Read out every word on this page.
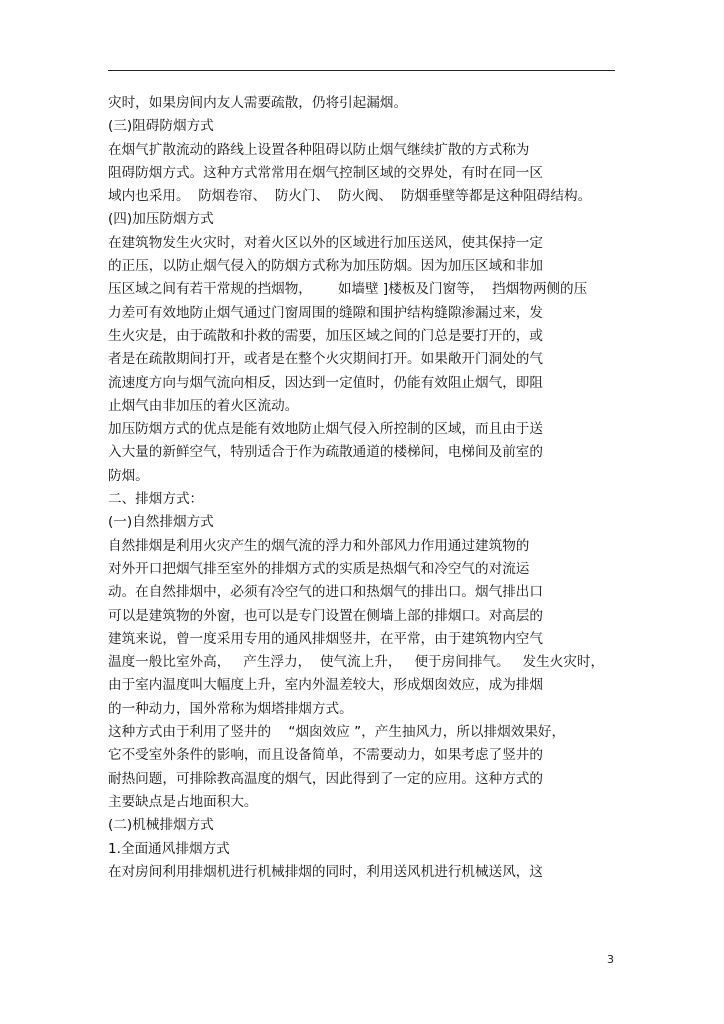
灾时，如果房间内友人需要疏散，仍将引起漏烟。
(三)阻碍防烟方式
在烟气扩散流动的路线上设置各种阻碍以防止烟气继续扩散的方式称为
阻碍防烟方式。这种方式常常用在烟气控制区域的交界处，有时在同一区
域内也采用。  防烟卷帘、  防火门、  防火阀、  防烟垂壁等都是这种阻碍结构。
(四)加压防烟方式
在建筑物发生火灾时，对着火区以外的区域进行加压送风，使其保持一定
的正压，以防止烟气侵入的防烟方式称为加压防烟。因为加压区域和非加
压区域之间有若干常规的挡烟物，      如墙壁 ]楼板及门窗等，  挡烟物两侧的压
力差可有效地防止烟气通过门窗周围的缝隙和围护结构缝隙渗漏过来，发
生火灾是，由于疏散和扑救的需要，加压区域之间的门总是要打开的，或
者是在疏散期间打开，或者是在整个火灾期间打开。如果敞开门洞处的气
流速度方向与烟气流向相反，因达到一定值时，仍能有效阻止烟气，即阻
止烟气由非加压的着火区流动。
加压防烟方式的优点是能有效地防止烟气侵入所控制的区域，而且由于送
入大量的新鲜空气，特别适合于作为疏散通道的楼梯间，电梯间及前室的
防烟。
二、排烟方式：
(一)自然排烟方式
自然排烟是利用火灾产生的烟气流的浮力和外部风力作用通过建筑物的
对外开口把烟气排至室外的排烟方式的实质是热烟气和冷空气的对流运
动。在自然排烟中，必须有冷空气的进口和热烟气的排出口。烟气排出口
可以是建筑物的外窗，也可以是专门设置在侧墙上部的排烟口。对高层的
建筑来说，曾一度采用专用的通风排烟竖井，在平常，由于建筑物内空气
温度一般比室外高，   产生浮力，  使气流上升，   便于房间排气。   发生火灾时，
由于室内温度叫大幅度上升，室内外温差较大，形成烟囱效应，成为排烟
的一种动力，国外常称为烟塔排烟方式。
这种方式由于利用了竖井的    “烟囱效应 ”，产生抽风力，所以排烟效果好，
它不受室外条件的影响，而且设备简单，不需要动力，如果考虑了竖井的
耐热问题，可排除教高温度的烟气，因此得到了一定的应用。这种方式的
主要缺点是占地面积大。
(二)机械排烟方式
1.全面通风排烟方式
在对房间利用排烟机进行机械排烟的同时，利用送风机进行机械送风，这
3
